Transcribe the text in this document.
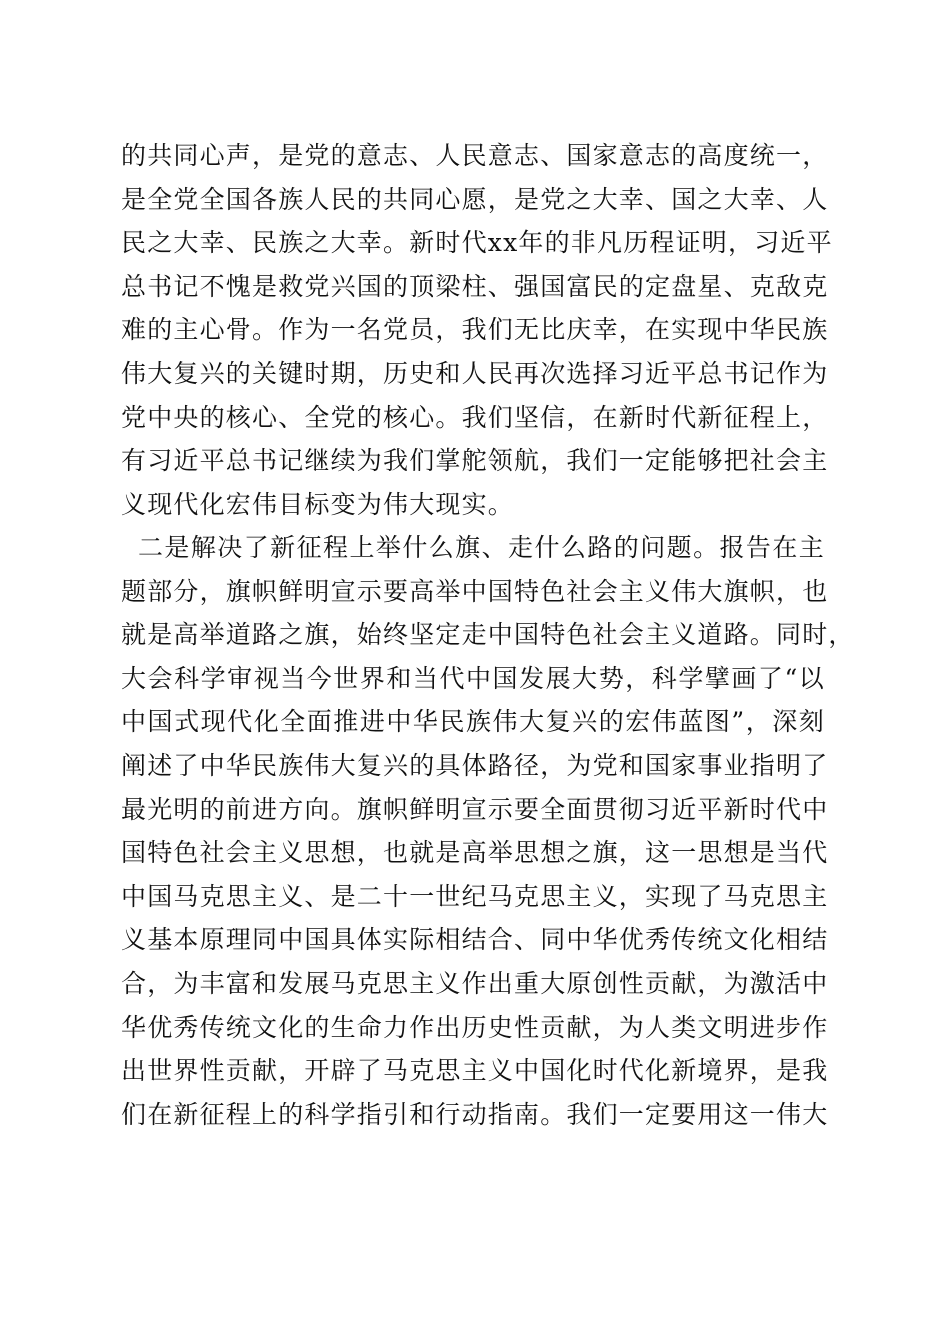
的共同心声，是党的意志、人民意志、国家意志的高度统一，
是全党全国各族人民的共同心愿，是党之大幸、国之大幸、人
民之大幸、民族之大幸。新时代xx年的非凡历程证明，习近平
总书记不愧是救党兴国的顶梁柱、强国富民的定盘星、克敌克
难的主心骨。作为一名党员，我们无比庆幸，在实现中华民族
伟大复兴的关键时期，历史和人民再次选择习近平总书记作为
党中央的核心、全党的核心。我们坚信，在新时代新征程上，
有习近平总书记继续为我们掌舵领航，我们一定能够把社会主
义现代化宏伟目标变为伟大现实。
二是解决了新征程上举什么旗、走什么路的问题。报告在主
题部分，旗帜鲜明宣示要高举中国特色社会主义伟大旗帜，也
就是高举道路之旗，始终坚定走中国特色社会主义道路。同时，
大会科学审视当今世界和当代中国发展大势，科学擘画了“以
中国式现代化全面推进中华民族伟大复兴的宏伟蓝图”，深刻
阐述了中华民族伟大复兴的具体路径，为党和国家事业指明了
最光明的前进方向。旗帜鲜明宣示要全面贯彻习近平新时代中
国特色社会主义思想，也就是高举思想之旗，这一思想是当代
中国马克思主义、是二十一世纪马克思主义，实现了马克思主
义基本原理同中国具体实际相结合、同中华优秀传统文化相结
合，为丰富和发展马克思主义作出重大原创性贡献，为激活中
华优秀传统文化的生命力作出历史性贡献，为人类文明进步作
出世界性贡献，开辟了马克思主义中国化时代化新境界，是我
们在新征程上的科学指引和行动指南。我们一定要用这一伟大
